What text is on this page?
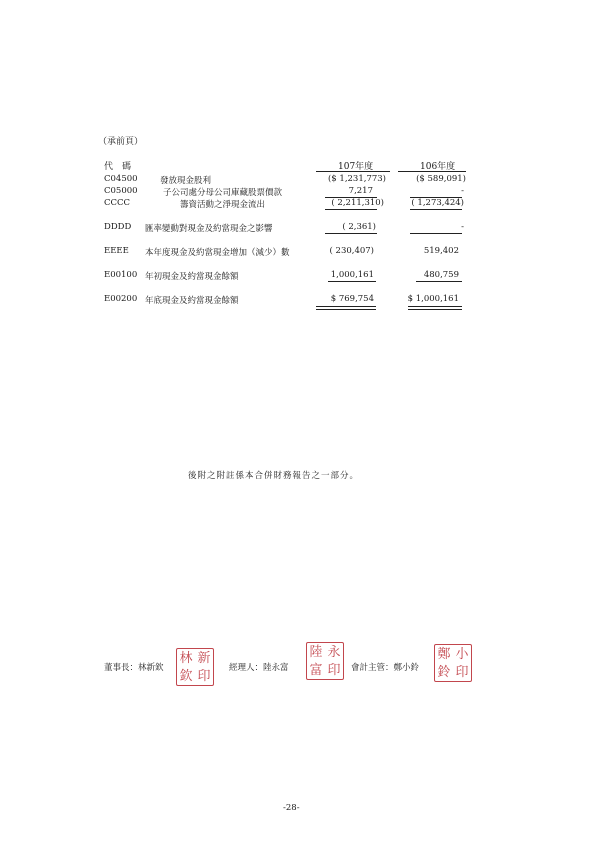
（承前頁）
代　碼	107年度	106年度
C04500	發放現金股利	($ 1,231,773)	($ 589,091)
C05000	子公司處分母公司庫藏股票價款	7,217	-
CCCC	籌資活動之淨現金流出	( 2,211,310)	( 1,273,424)
DDDD 匯率變動對現金及約當現金之影響	( 2,361)	-
EEEE 本年度現金及約當現金增加（減少）數	( 230,407)	519,402
E00100 年初現金及約當現金餘額	1,000,161	480,759
E00200 年底現金及約當現金餘額	$ 769,754	$ 1,000,161
後附之附註係本合併財務報告之一部分。
董事長：林新欽
林 新
欽 印
經理人：陸永富
陸 永
富 印 會計主管：鄭小鈴
鄭 小
鈴 印
-28-
